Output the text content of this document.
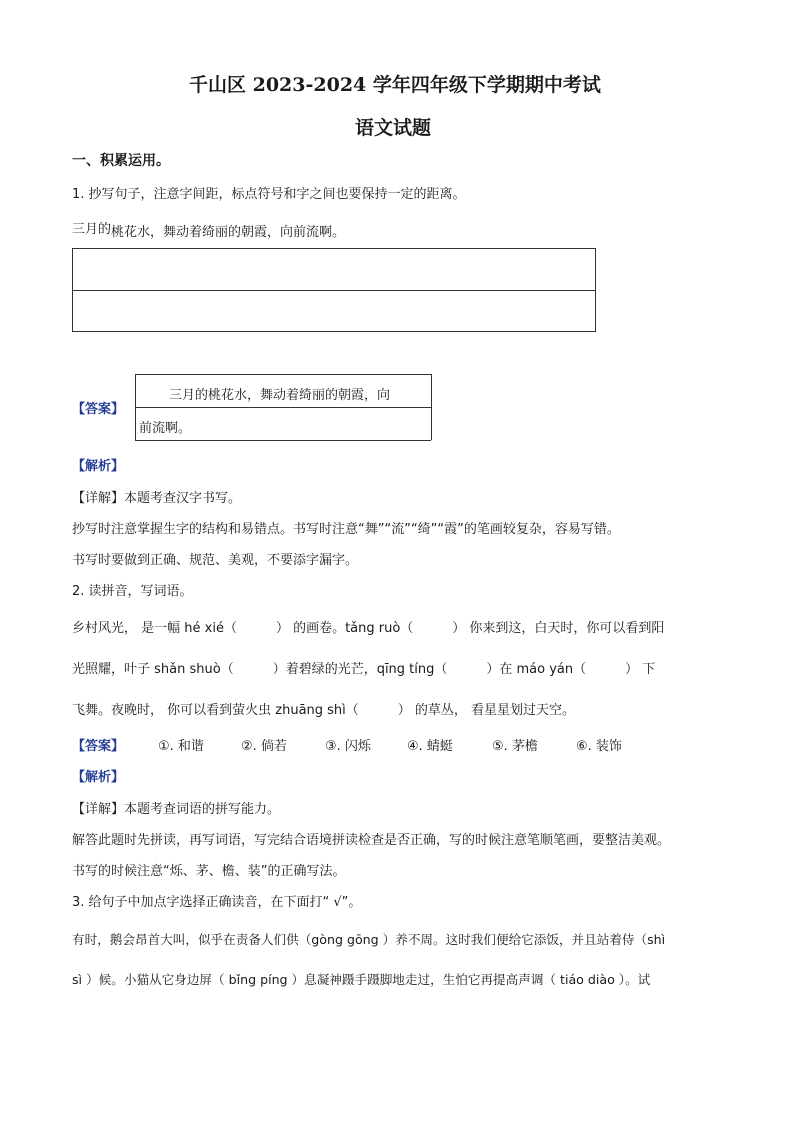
千山区 2023-2024 学年四年级下学期期中考试
语文试题
一、积累运用。
1. 抄写句子，注意字间距，标点符号和字之间也要保持一定的距离。
三月的桃花水，舞动着绮丽的朝霞，向前流啊。
【答案】
三月的桃花水，舞动着绮丽的朝霞，向
前流啊。
【解析】
【详解】本题考查汉字书写。
抄写时注意掌握生字的结构和易错点。书写时注意“舞”“流”“绮”“霞”的笔画较复杂，容易写错。
书写时要做到正确、规范、美观，不要添字漏字。
2. 读拼音，写词语。
乡村风光， 是一幅 hé xié（　　　） 的画卷。tǎng ruò（　　　） 你来到这，白天时，你可以看到阳
光照耀，叶子 shǎn shuò（　　　）着碧绿的光芒，qīng tíng（　　　）在 máo yán（　　　） 下
飞舞。夜晚时， 你可以看到萤火虫 zhuāng shì（　　　） 的草丛， 看星星划过天空。
【答案】	①. 和谐	②. 倘若	③. 闪烁	④. 蜻蜓	⑤. 茅檐	⑥. 装饰
【解析】
【详解】本题考查词语的拼写能力。
解答此题时先拼读，再写词语，写完结合语境拼读检查是否正确，写的时候注意笔顺笔画，要整洁美观。
书写的时候注意“烁、茅、檐、装”的正确写法。
3. 给句子中加点字选择正确读音，在下面打“ √”。
有时，鹅会昂首大叫，似乎在责备人们供（gòng gōng ）养不周。这时我们便给它添饭，并且站着侍（shì
sì ）候。小猫从它身边屏（ bǐng píng ）息凝神蹑手蹑脚地走过，生怕它再提高声调（ tiáo diào ）。试
